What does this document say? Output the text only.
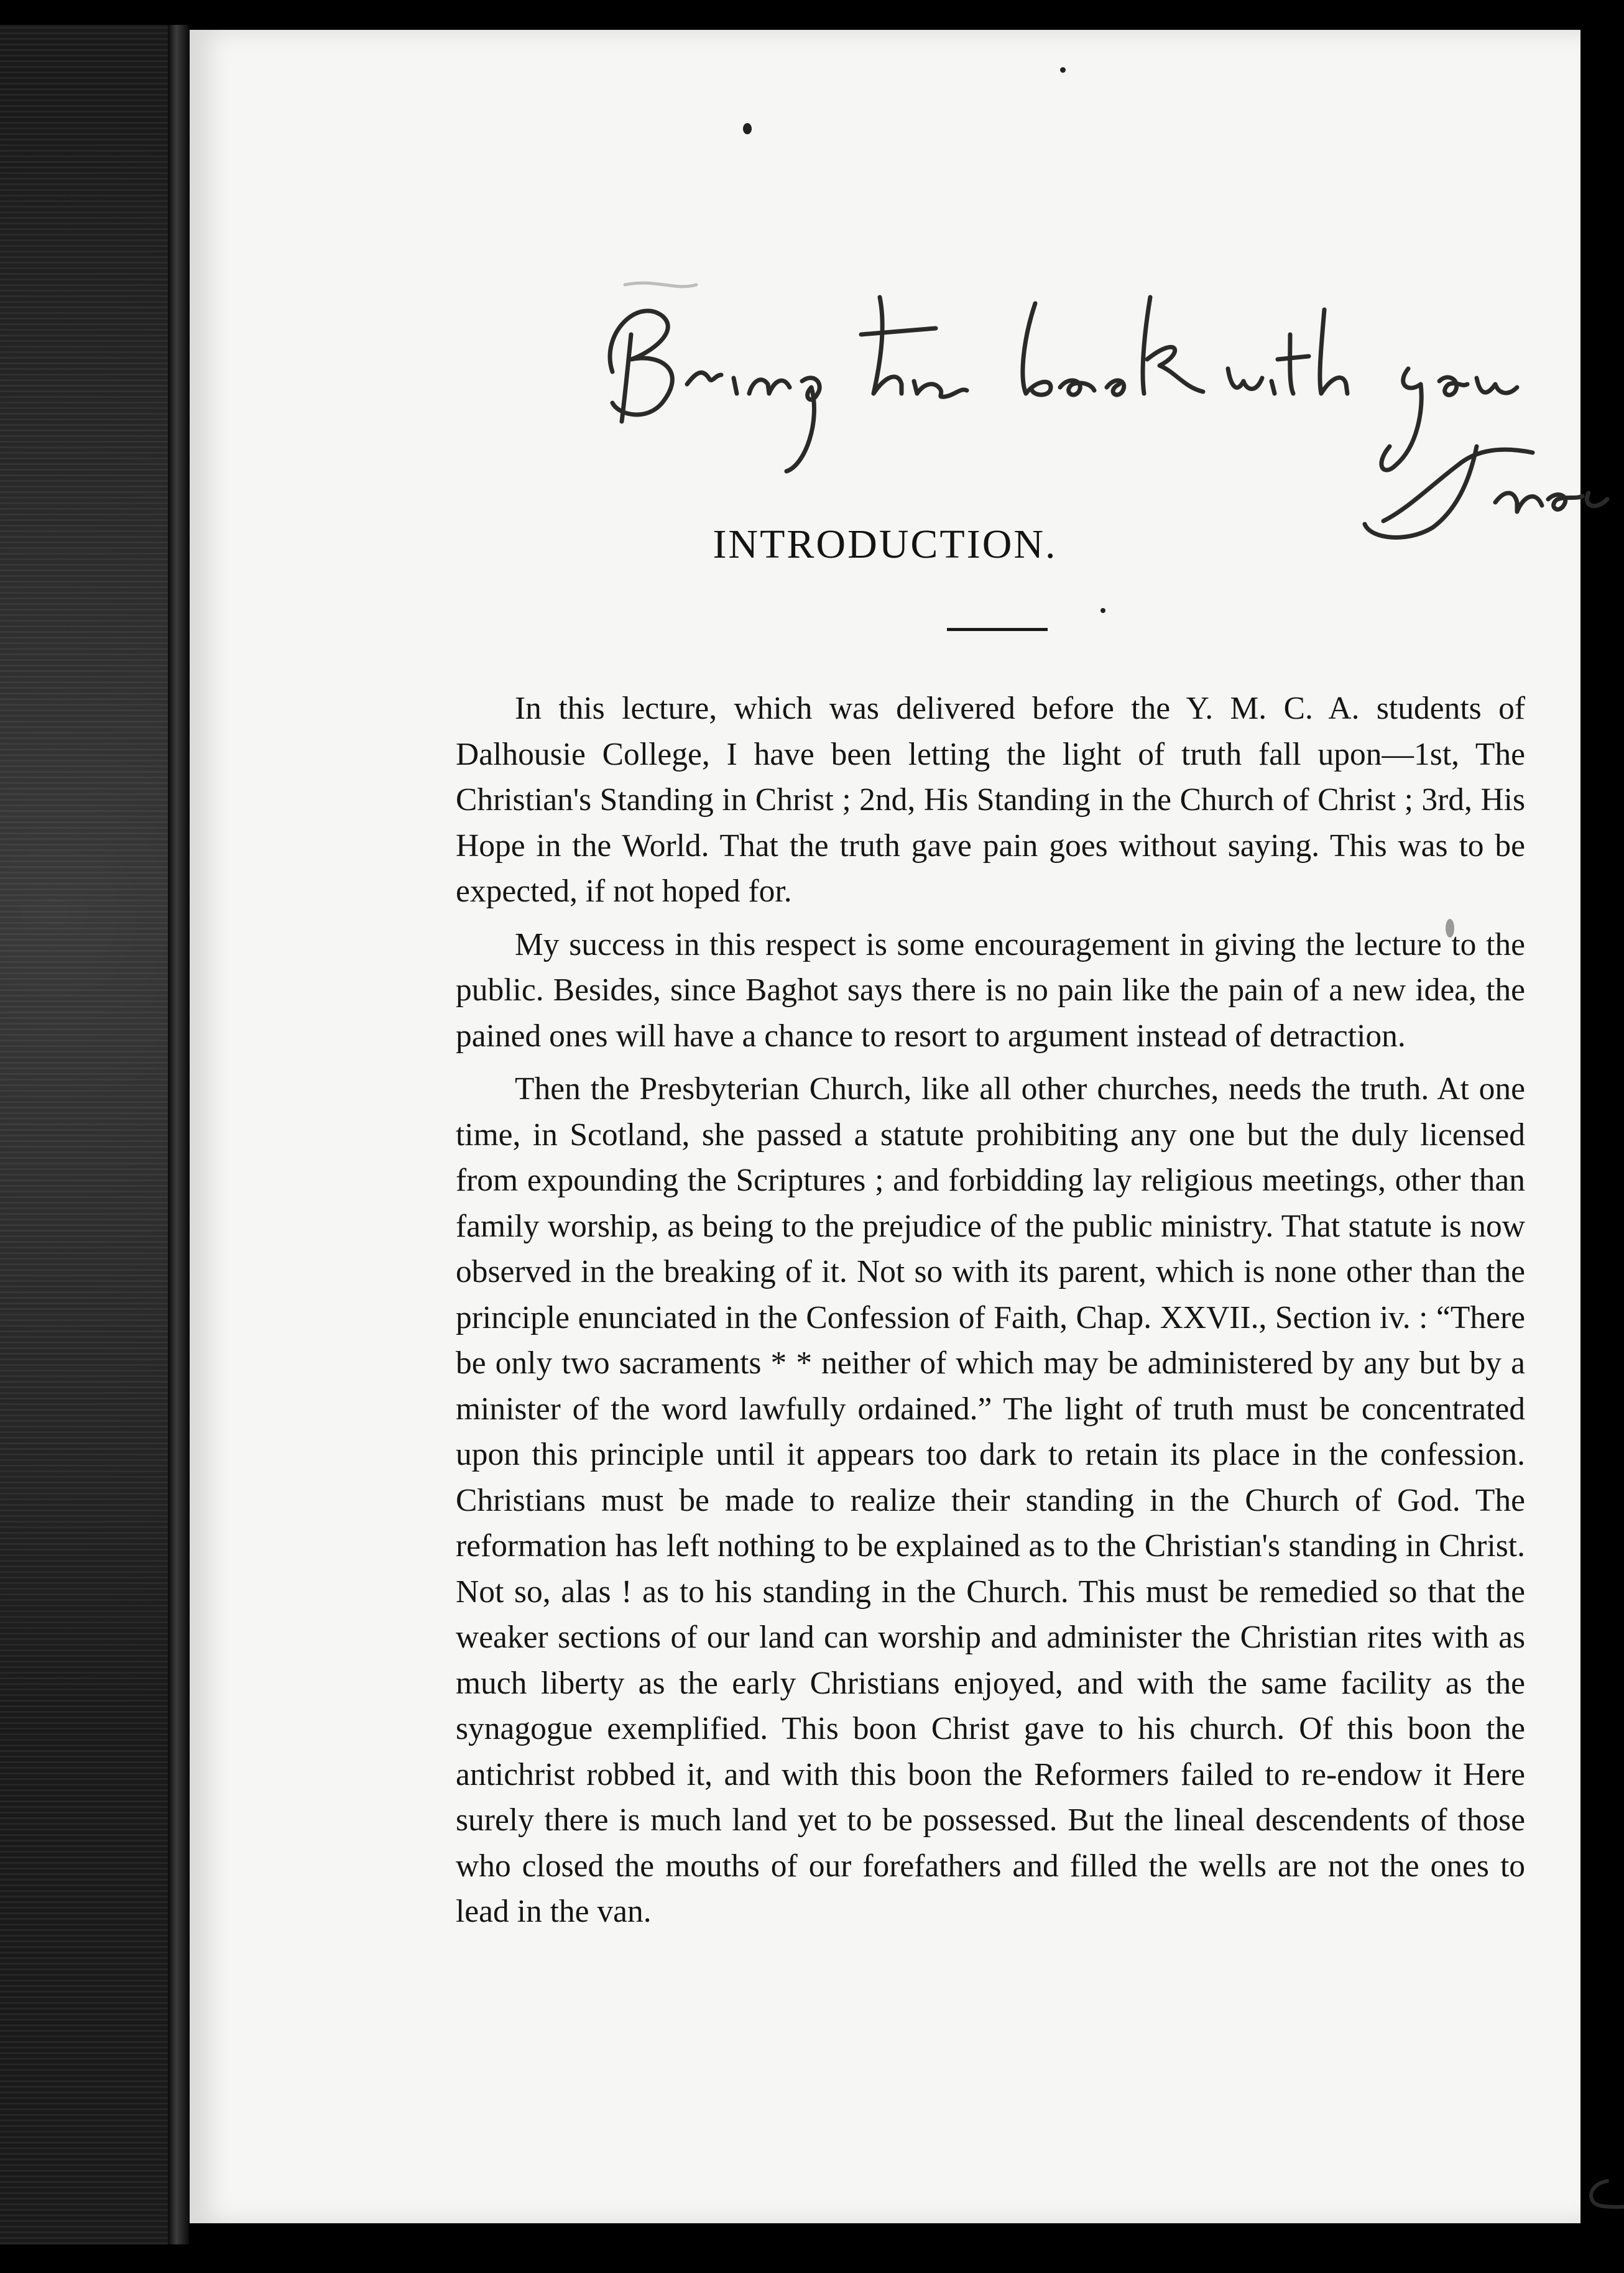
INTRODUCTION.

In this lecture, which was delivered before the Y. M. C. A. students of Dalhousie College, I have been letting the light of truth fall upon—1st, The Christian's Standing in Christ ; 2nd, His Standing in the Church of Christ ; 3rd, His Hope in the World. That the truth gave pain goes without saying. This was to be expected, if not hoped for.

My success in this respect is some encouragement in giving the lecture to the public. Besides, since Baghot says there is no pain like the pain of a new idea, the pained ones will have a chance to resort to argument instead of detraction.

Then the Presbyterian Church, like all other churches, needs the truth. At one time, in Scotland, she passed a statute prohibiting any one but the duly licensed from expounding the Scriptures ; and forbidding lay religious meetings, other than family worship, as being to the prejudice of the public ministry. That statute is now observed in the breaking of it. Not so with its parent, which is none other than the principle enunciated in the Confession of Faith, Chap. XXVII., Section iv. : “There be only two sacraments * * neither of which may be administered by any but by a minister of the word lawfully ordained.” The light of truth must be concentrated upon this principle until it appears too dark to retain its place in the confession. Christians must be made to realize their standing in the Church of God. The reformation has left nothing to be explained as to the Christian's standing in Christ. Not so, alas ! as to his standing in the Church. This must be remedied so that the weaker sections of our land can worship and administer the Christian rites with as much liberty as the early Christians enjoyed, and with the same facility as the synagogue exemplified. This boon Christ gave to his church. Of this boon the antichrist robbed it, and with this boon the Reformers failed to re-endow it Here surely there is much land yet to be possessed. But the lineal descendents of those who closed the mouths of our forefathers and filled the wells are not the ones to lead in the van.
